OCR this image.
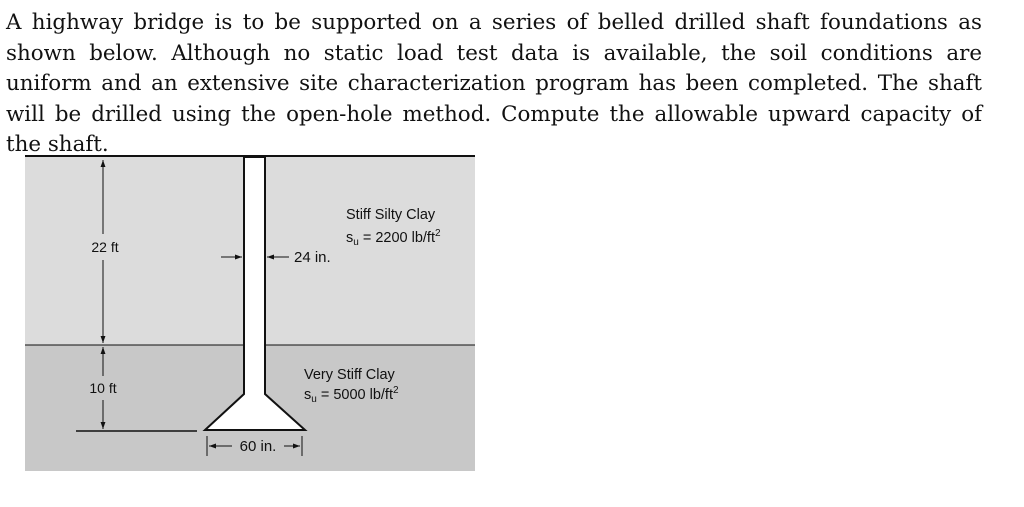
A highway bridge is to be supported on a series of belled drilled shaft foundations as shown below. Although no static load test data is available, the soil conditions are uniform and an extensive site characterization program has been completed. The shaft will be drilled using the open-hole method. Compute the allowable upward capacity of the shaft.

22 ft
10 ft
24 in.
60 in.
Stiff Silty Clay
$s_u = 2200$ $lb/ft^2$
Very Stiff Clay
$s_u = 5000$ $lb/ft^2$
